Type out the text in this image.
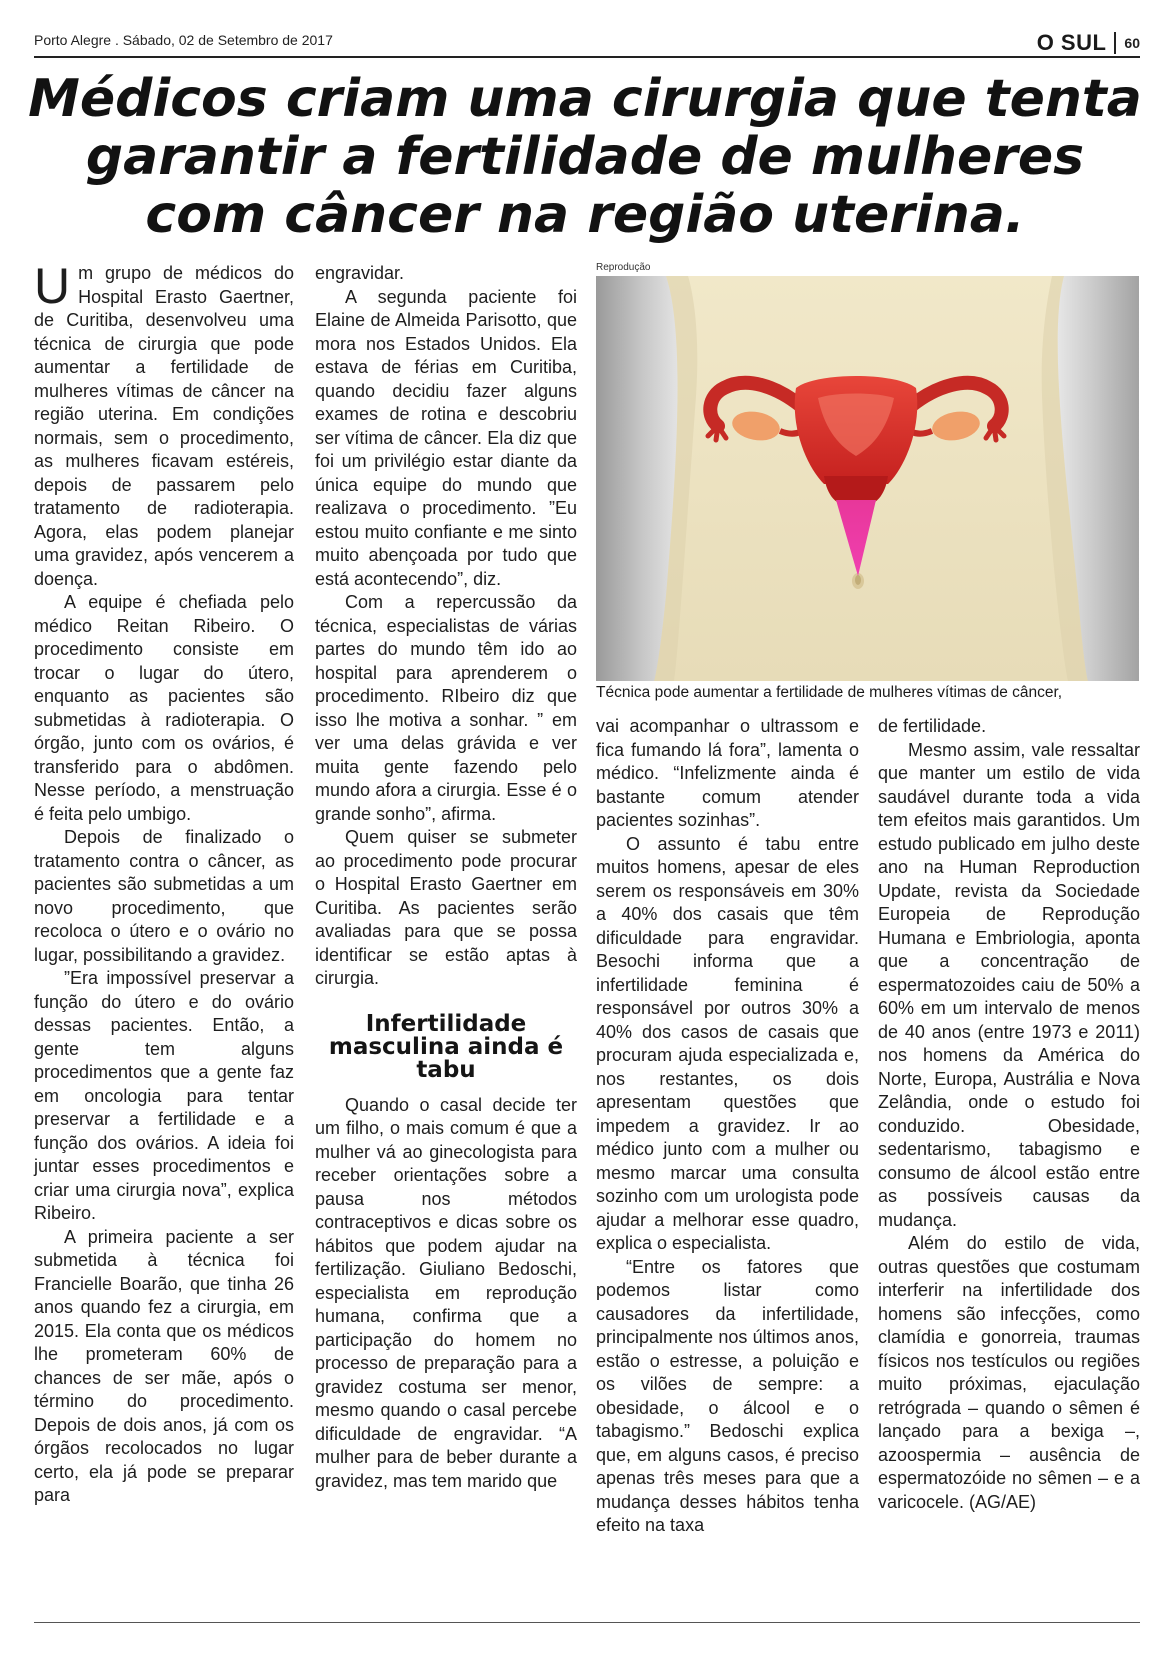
Porto Alegre . Sábado, 02 de Setembro de 2017	O SUL 60
Médicos criam uma cirurgia que tenta garantir a fertilidade de mulheres com câncer na região uterina.

Um grupo de médicos do Hospital Erasto Gaertner, de Curitiba, desenvolveu uma técnica de cirurgia que pode aumentar a fertilidade de mulheres vítimas de câncer na região uterina. Em condições normais, sem o procedimento, as mulheres ficavam estéreis, depois de passarem pelo tratamento de radioterapia. Agora, elas podem planejar uma gravidez, após vencerem a doença.

A equipe é chefiada pelo médico Reitan Ribeiro. O procedimento consiste em trocar o lugar do útero, enquanto as pacientes são submetidas à radioterapia. O órgão, junto com os ovários, é transferido para o abdômen. Nesse período, a menstruação é feita pelo umbigo.

Depois de finalizado o tratamento contra o câncer, as pacientes são submetidas a um novo procedimento, que recoloca o útero e o ovário no lugar, possibilitando a gravidez.

”Era impossível preservar a função do útero e do ovário dessas pacientes. Então, a gente tem alguns procedimentos que a gente faz em oncologia para tentar preservar a fertilidade e a função dos ovários. A ideia foi juntar esses procedimentos e criar uma cirurgia nova”, explica Ribeiro.

A primeira paciente a ser submetida à técnica foi Francielle Boarão, que tinha 26 anos quando fez a cirurgia, em 2015. Ela conta que os médicos lhe prometeram 60% de chances de ser mãe, após o término do procedimento. Depois de dois anos, já com os órgãos recolocados no lugar certo, ela já pode se preparar para

engravidar.

A segunda paciente foi Elaine de Almeida Parisotto, que mora nos Estados Unidos. Ela estava de férias em Curitiba, quando decidiu fazer alguns exames de rotina e descobriu ser vítima de câncer. Ela diz que foi um privilégio estar diante da única equipe do mundo que realizava o procedimento. ”Eu estou muito confiante e me sinto muito abençoada por tudo que está acontecendo”, diz.

Com a repercussão da técnica, especialistas de várias partes do mundo têm ido ao hospital para aprenderem o procedimento. RIbeiro diz que isso lhe motiva a sonhar. ” em ver uma delas grávida e ver muita gente fazendo pelo mundo afora a cirurgia. Esse é o grande sonho”, afirma.

Quem quiser se submeter ao procedimento pode procurar o Hospital Erasto Gaertner em Curitiba. As pacientes serão avaliadas para que se possa identificar se estão aptas à cirurgia.

Infertilidade masculina ainda é tabu

Quando o casal decide ter um filho, o mais comum é que a mulher vá ao ginecologista para receber orientações sobre a pausa nos métodos contraceptivos e dicas sobre os hábitos que podem ajudar na fertilização. Giuliano Bedoschi, especialista em reprodução humana, confirma que a participação do homem no processo de preparação para a gravidez costuma ser menor, mesmo quando o casal percebe dificuldade de engravidar. “A mulher para de beber durante a gravidez, mas tem marido que

Reprodução
Técnica pode aumentar a fertilidade de mulheres vítimas de câncer,

vai acompanhar o ultrassom e fica fumando lá fora”, lamenta o médico. “Infelizmente ainda é bastante comum atender pacientes sozinhas”.

O assunto é tabu entre muitos homens, apesar de eles serem os responsáveis em 30% a 40% dos casais que têm dificuldade para engravidar. Besochi informa que a infertilidade feminina é responsável por outros 30% a 40% dos casos de casais que procuram ajuda especializada e, nos restantes, os dois apresentam questões que impedem a gravidez. Ir ao médico junto com a mulher ou mesmo marcar uma consulta sozinho com um urologista pode ajudar a melhorar esse quadro, explica o especialista.

“Entre os fatores que podemos listar como causadores da infertilidade, principalmente nos últimos anos, estão o estresse, a poluição e os vilões de sempre: a obesidade, o álcool e o tabagismo.” Bedoschi explica que, em alguns casos, é preciso apenas três meses para que a mudança desses hábitos tenha efeito na taxa

de fertilidade.

Mesmo assim, vale ressaltar que manter um estilo de vida saudável durante toda a vida tem efeitos mais garantidos. Um estudo publicado em julho deste ano na Human Reproduction Update, revista da Sociedade Europeia de Reprodução Humana e Embriologia, aponta que a concentração de espermatozoides caiu de 50% a 60% em um intervalo de menos de 40 anos (entre 1973 e 2011) nos homens da América do Norte, Europa, Austrália e Nova Zelândia, onde o estudo foi conduzido. Obesidade, sedentarismo, tabagismo e consumo de álcool estão entre as possíveis causas da mudança.

Além do estilo de vida, outras questões que costumam interferir na infertilidade dos homens são infecções, como clamídia e gonorreia, traumas físicos nos testículos ou regiões muito próximas, ejaculação retrógrada – quando o sêmen é lançado para a bexiga –, azoospermia – ausência de espermatozóide no sêmen – e a varicocele. (AG/AE)
